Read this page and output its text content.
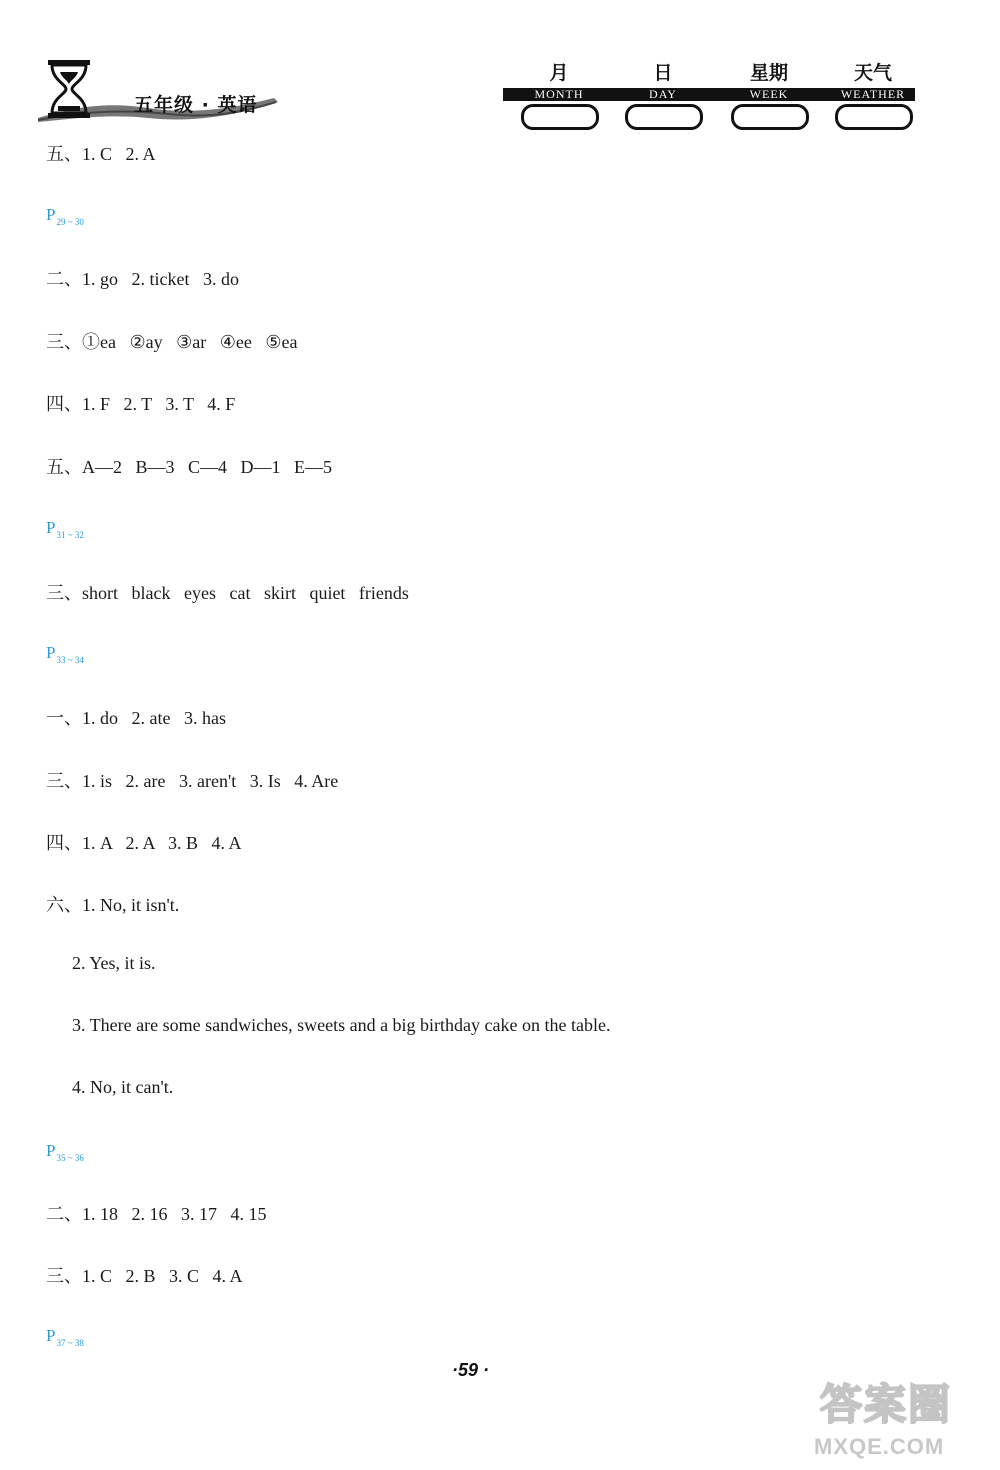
五年级 · 英语
月	日	星期	天气
MONTH	DAY	WEEK	WEATHER
五、1. C   2. A
$P_{29 \sim 30}$
二、1. go   2. ticket   3. do
三、①ea   ②ay   ③ar   ④ee   ⑤ea
四、1. F   2. T   3. T   4. F
五、A—2   B—3   C—4   D—1   E—5
$P_{31 \sim 32}$
三、short   black   eyes   cat   skirt   quiet   friends
$P_{33 \sim 34}$
一、1. do   2. ate   3. has
三、1. is   2. are   3. aren't   3. Is   4. Are
四、1. A   2. A   3. B   4. A
六、1. No, it isn't.
2. Yes, it is.
3. There are some sandwiches, sweets and a big birthday cake on the table.
4. No, it can't.
$P_{35 \sim 36}$
二、1. 18   2. 16   3. 17   4. 15
三、1. C   2. B   3. C   4. A
$P_{37 \sim 38}$
·59 ·
答案圈
MXQE.COM
